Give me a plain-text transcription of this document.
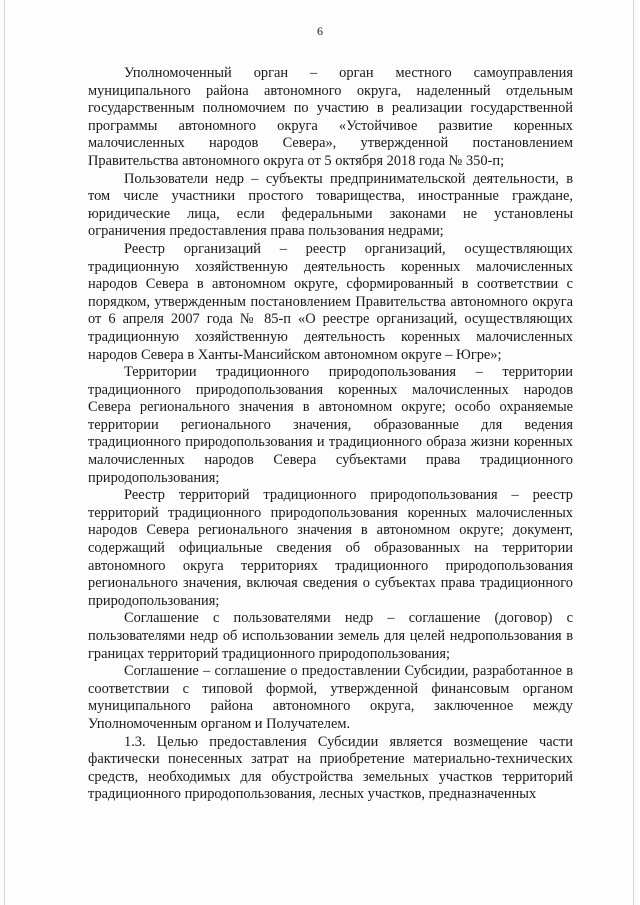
6

Уполномоченный орган – орган местного самоуправления муниципального района автономного округа, наделенный отдельным государственным полномочием по участию в реализации государственной программы автономного округа «Устойчивое развитие коренных малочисленных народов Севера», утвержденной постановлением Правительства автономного округа от 5 октября 2018 года № 350-п;

Пользователи недр – субъекты предпринимательской деятельности, в том числе участники простого товарищества, иностранные граждане, юридические лица, если федеральными законами не установлены ограничения предоставления права пользования недрами;

Реестр организаций – реестр организаций, осуществляющих традиционную хозяйственную деятельность коренных малочисленных народов Севера в автономном округе, сформированный в соответствии с порядком, утвержденным постановлением Правительства автономного округа от 6 апреля 2007 года № 85-п «О реестре организаций, осуществляющих традиционную хозяйственную деятельность коренных малочисленных народов Севера в Ханты-Мансийском автономном округе – Югре»;

Территории традиционного природопользования – территории традиционного природопользования коренных малочисленных народов Севера регионального значения в автономном округе; особо охраняемые территории регионального значения, образованные для ведения традиционного природопользования и традиционного образа жизни коренных малочисленных народов Севера субъектами права традиционного природопользования;

Реестр территорий традиционного природопользования – реестр территорий традиционного природопользования коренных малочисленных народов Севера регионального значения в автономном округе; документ, содержащий официальные сведения об образованных на территории автономного округа территориях традиционного природопользования регионального значения, включая сведения о субъектах права традиционного природопользования;

Соглашение с пользователями недр – соглашение (договор) с пользователями недр об использовании земель для целей недропользования в границах территорий традиционного природопользования;

Соглашение – соглашение о предоставлении Субсидии, разработанное в соответствии с типовой формой, утвержденной финансовым органом муниципального района автономного округа, заключенное между Уполномоченным органом и Получателем.

1.3. Целью предоставления Субсидии является возмещение части фактически понесенных затрат на приобретение материально-технических средств, необходимых для обустройства земельных участков территорий традиционного природопользования, лесных участков, предназначенных
